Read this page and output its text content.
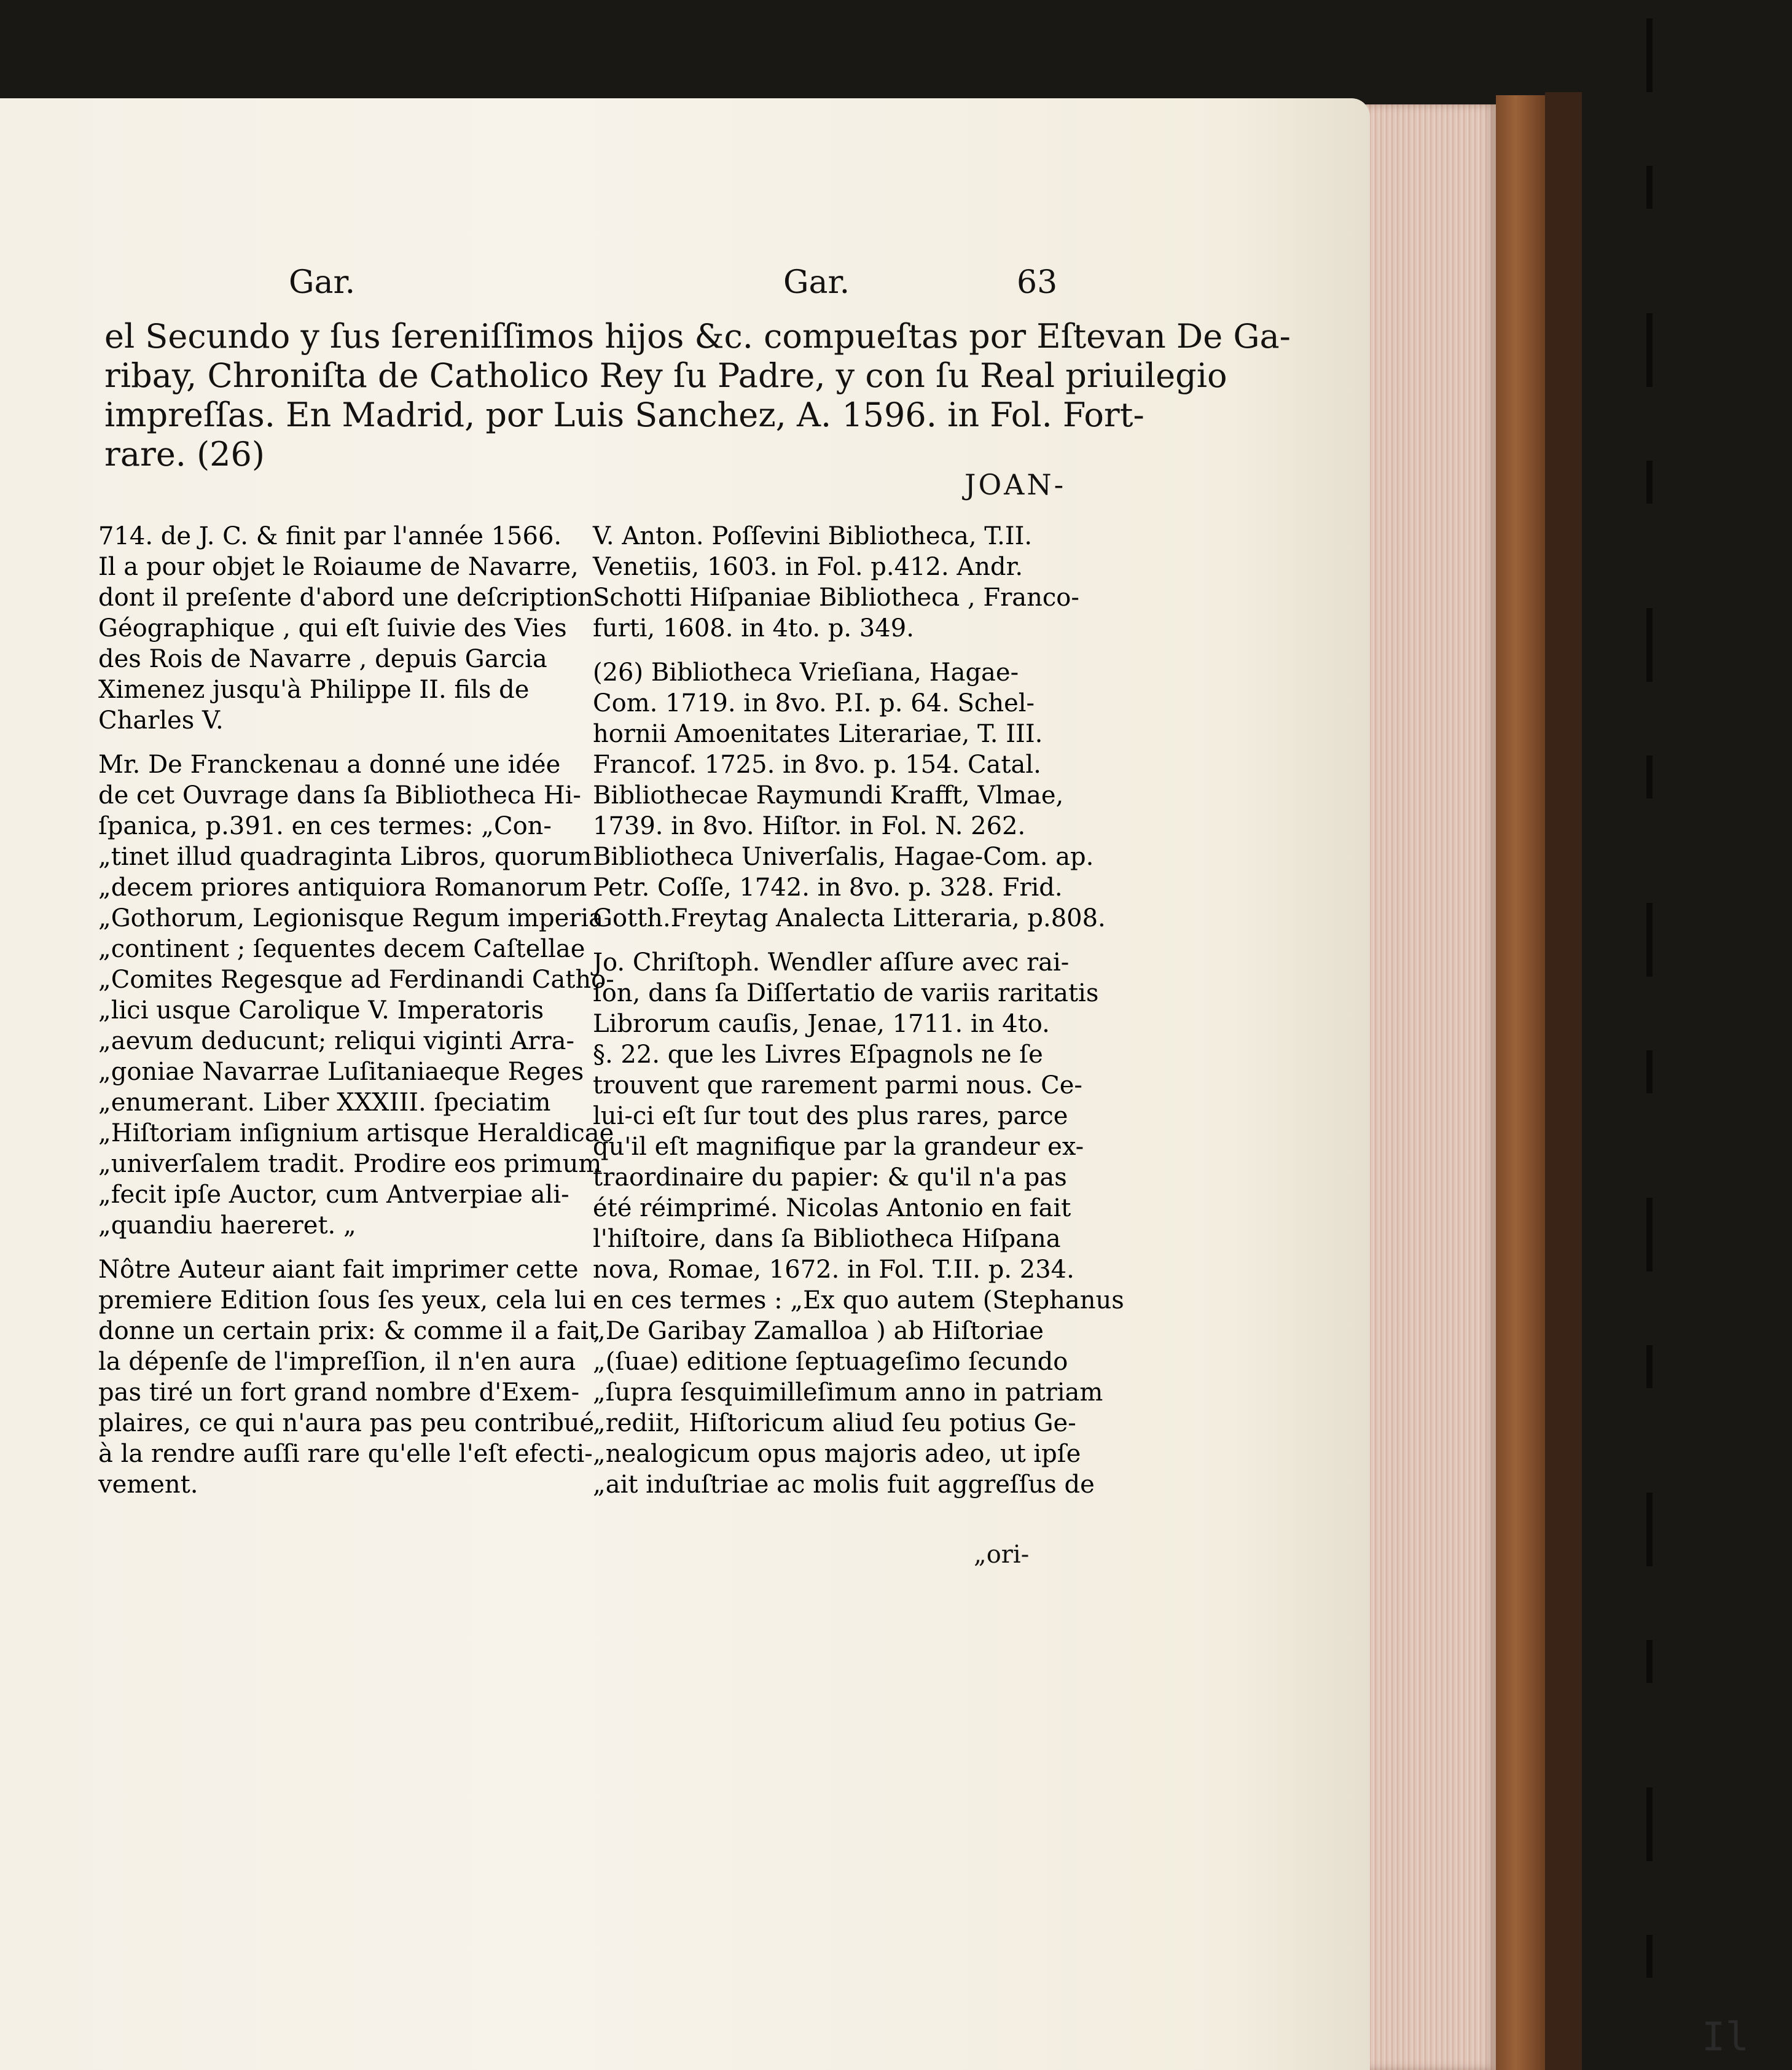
Gar.	Gar.	63
el Secundo y ſus ſereniſſimos hijos &c. compueſtas por Eſtevan De Ga-
ribay, Chroniſta de Catholico Rey ſu Padre, y con ſu Real priuilegio
impreſſas. En Madrid, por Luis Sanchez, A. 1596. in Fol. Fort-
rare. (26)
JOAN-
714. de J. C. & finit par l'année 1566.
Il a pour objet le Roiaume de Navarre,
dont il preſente d'abord une deſcription
Géographique , qui eſt ſuivie des Vies
des Rois de Navarre , depuis Garcia
Ximenez jusqu'à Philippe II. fils de
Charles V.
Mr. De Franckenau a donné une idée
de cet Ouvrage dans ſa Bibliotheca Hi-
ſpanica, p.391. en ces termes: „Con-
„tinet illud quadraginta Libros, quorum
„decem priores antiquiora Romanorum
„Gothorum, Legionisque Regum imperia
„continent ; ſequentes decem Caſtellae
„Comites Regesque ad Ferdinandi Catho-
„lici usque Carolique V. Imperatoris
„aevum deducunt; reliqui viginti Arra-
„goniae Navarrae Luſitaniaeque Reges
„enumerant. Liber XXXIII. ſpeciatim
„Hiſtoriam inſignium artisque Heraldicae
„univerſalem tradit. Prodire eos primum
„fecit ipſe Auctor, cum Antverpiae ali-
„quandiu haereret. „
Nôtre Auteur aiant fait imprimer cette
premiere Edition ſous ſes yeux, cela lui
donne un certain prix: & comme il a fait
la dépenſe de l'impreſſion, il n'en aura
pas tiré un fort grand nombre d'Exem-
plaires, ce qui n'aura pas peu contribué
à la rendre auſſi rare qu'elle l'eſt efecti-
vement.
V. Anton. Poſſevini Bibliotheca, T.II.
Venetiis, 1603. in Fol. p.412. Andr.
Schotti Hiſpaniae Bibliotheca , Franco-
furti, 1608. in 4to. p. 349.
(26) Bibliotheca Vrieſiana, Hagae-
Com. 1719. in 8vo. P.I. p. 64. Schel-
hornii Amoenitates Literariae, T. III.
Francof. 1725. in 8vo. p. 154. Catal.
Bibliothecae Raymundi Krafft, Vlmae,
1739. in 8vo. Hiſtor. in Fol. N. 262.
Bibliotheca Univerſalis, Hagae-Com. ap.
Petr. Coſſe, 1742. in 8vo. p. 328. Frid.
Gotth.Freytag Analecta Litteraria, p.808.
Jo. Chriſtoph. Wendler aſſure avec rai-
ſon, dans ſa Diſſertatio de variis raritatis
Librorum cauſis, Jenae, 1711. in 4to.
§. 22. que les Livres Eſpagnols ne ſe
trouvent que rarement parmi nous. Ce-
lui-ci eſt ſur tout des plus rares, parce
qu'il eſt magnifique par la grandeur ex-
traordinaire du papier: & qu'il n'a pas
été réimprimé. Nicolas Antonio en fait
l'hiſtoire, dans ſa Bibliotheca Hiſpana
nova, Romae, 1672. in Fol. T.II. p. 234.
en ces termes : „Ex quo autem (Stephanus
„De Garibay Zamalloa ) ab Hiſtoriae
„(ſuae) editione ſeptuageſimo ſecundo
„ſupra ſesquimilleſimum anno in patriam
„rediit, Hiſtoricum aliud ſeu potius Ge-
„nealogicum opus majoris adeo, ut ipſe
„ait induſtriae ac molis fuit aggreſſus de
„ori-
Il
